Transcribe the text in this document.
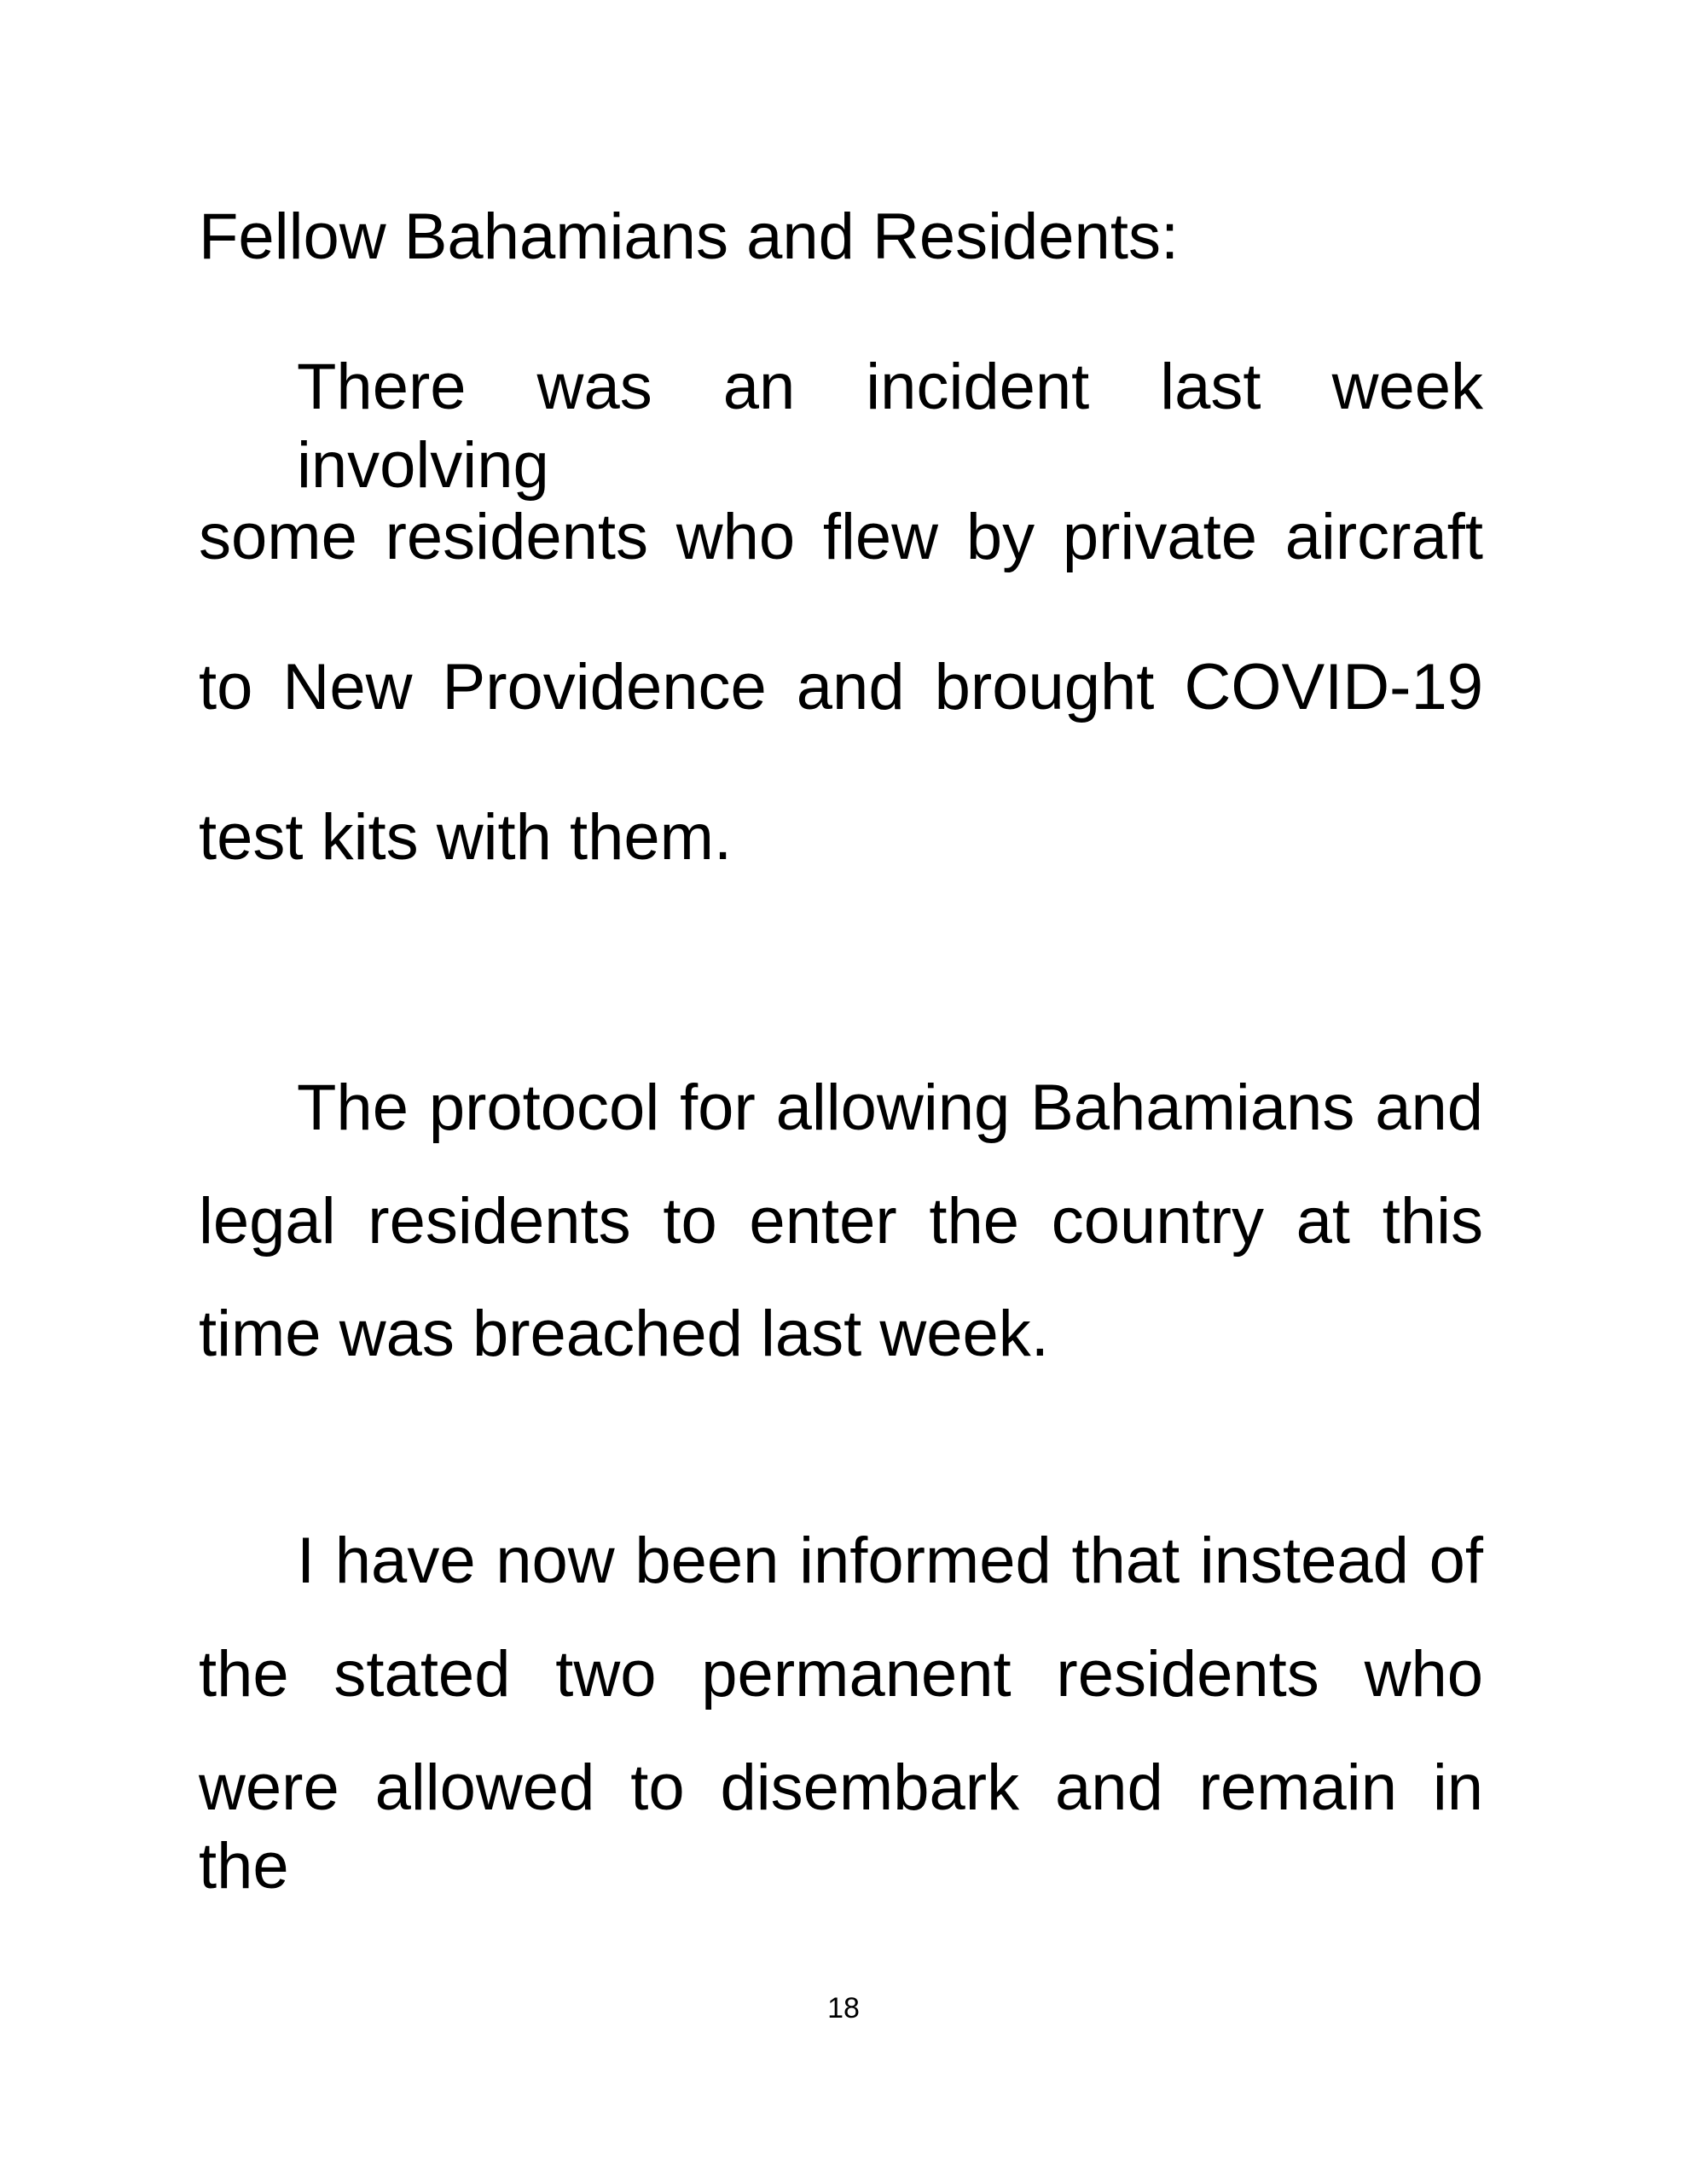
Fellow Bahamians and Residents:
There was an incident last week involving
some residents who flew by private aircraft
to New Providence and brought COVID-19
test kits with them.
The protocol for allowing Bahamians and
legal residents to enter the country at this
time was breached last week.
I have now been informed that instead of
the stated two permanent residents who
were allowed to disembark and remain in the
18
